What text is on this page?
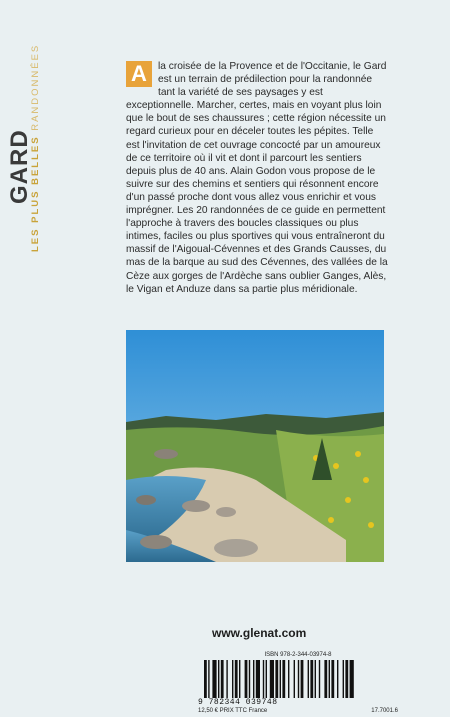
GARD
LES PLUS BELLES RANDONNÉES	A	la croisée de la Provence et de l'Occitanie, le Gard est un terrain de prédilection pour la randonnée tant la variété de ses paysages y est exceptionnelle. Marcher, certes, mais en voyant plus loin que le bout de ses chaussures ; cette région nécessite un regard curieux pour en déceler toutes les pépites. Telle est l'invitation de cet ouvrage concocté par un amoureux de ce territoire où il vit et dont il parcourt les sentiers depuis plus de 40 ans. Alain Godon vous propose de le suivre sur des chemins et sentiers qui résonnent encore d'un passé proche dont vous allez vous enrichir et vous imprégner. Les 20 randonnées de ce guide en permettent l'approche à travers des boucles classiques ou plus intimes, faciles ou plus sportives qui vous entraîneront du massif de l'Aigoual-Cévennes et des Grands Causses, du mas de la barque au sud des Cévennes, des vallées de la Cèze aux gorges de l'Ardèche sans oublier Ganges, Alès, le Vigan et Anduze dans sa partie plus méridionale.
www.glenat.com
ISBN 978-2-344-03974-8
9 782344 039748
12,50 € PRIX TTC France	17.7001.6
